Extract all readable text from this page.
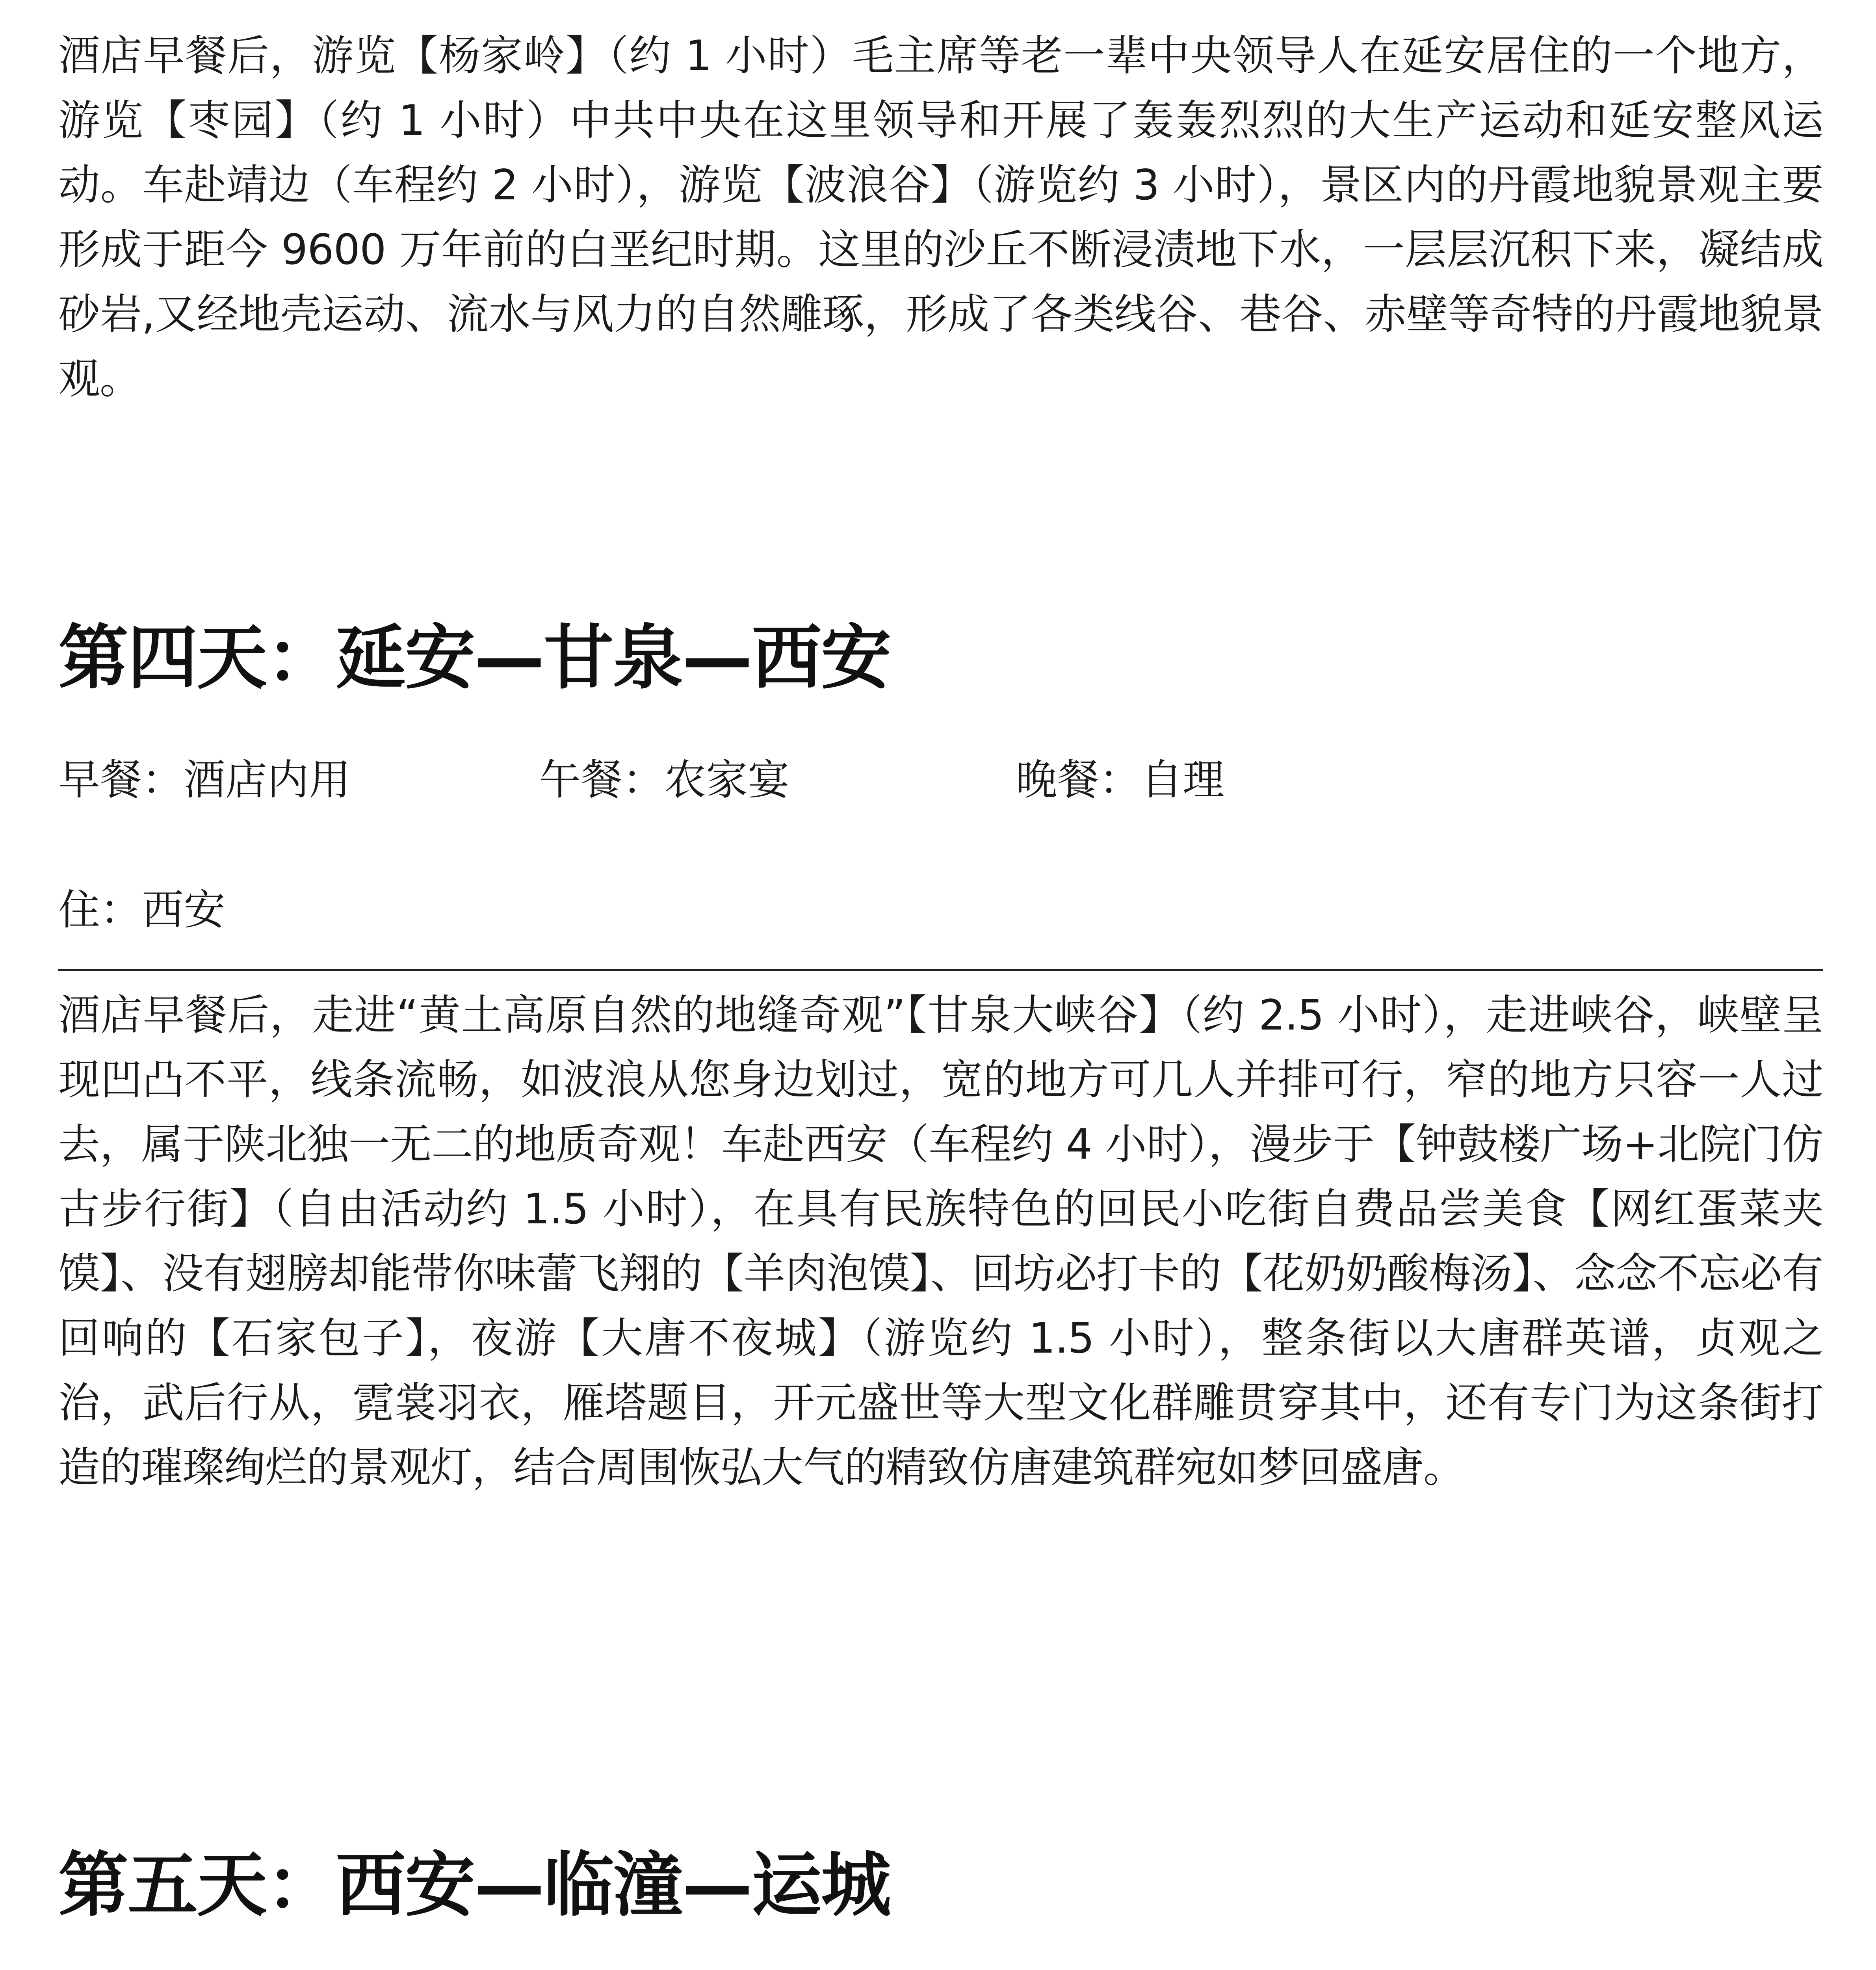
酒店早餐后，游览【杨家岭】（约 1 小时）毛主席等老一辈中央领导人在延安居住的一个地方，游览【枣园】（约 1 小时）中共中央在这里领导和开展了轰轰烈烈的大生产运动和延安整风运动。车赴靖边（车程约 2 小时），游览【波浪谷】（游览约 3 小时），景区内的丹霞地貌景观主要形成于距今 9600 万年前的白垩纪时期。这里的沙丘不断浸渍地下水，一层层沉积下来，凝结成砂岩,又经地壳运动、流水与风力的自然雕琢，形成了各类线谷、巷谷、赤壁等奇特的丹霞地貌景观。

第四天：延安—甘泉—西安

早餐：酒店内用

	午餐：农家宴

	晚餐：自理

住：西安

酒店早餐后，走进“黄土高原自然的地缝奇观”【甘泉大峡谷】（约 2.5 小时），走进峡谷，峡壁呈现凹凸不平，线条流畅，如波浪从您身边划过，宽的地方可几人并排可行，窄的地方只容一人过去，属于陕北独一无二的地质奇观！车赴西安（车程约 4 小时），漫步于【钟鼓楼广场+北院门仿古步行街】（自由活动约 1.5 小时），在具有民族特色的回民小吃街自费品尝美食【网红蛋菜夹馍】、没有翅膀却能带你味蕾飞翔的【羊肉泡馍】、回坊必打卡的【花奶奶酸梅汤】、念念不忘必有回响的【石家包子】，夜游【大唐不夜城】（游览约 1.5 小时），整条街以大唐群英谱，贞观之治，武后行从，霓裳羽衣，雁塔题目，开元盛世等大型文化群雕贯穿其中，还有专门为这条街打造的璀璨绚烂的景观灯，结合周围恢弘大气的精致仿唐建筑群宛如梦回盛唐。

第五天：西安—临潼—运城
